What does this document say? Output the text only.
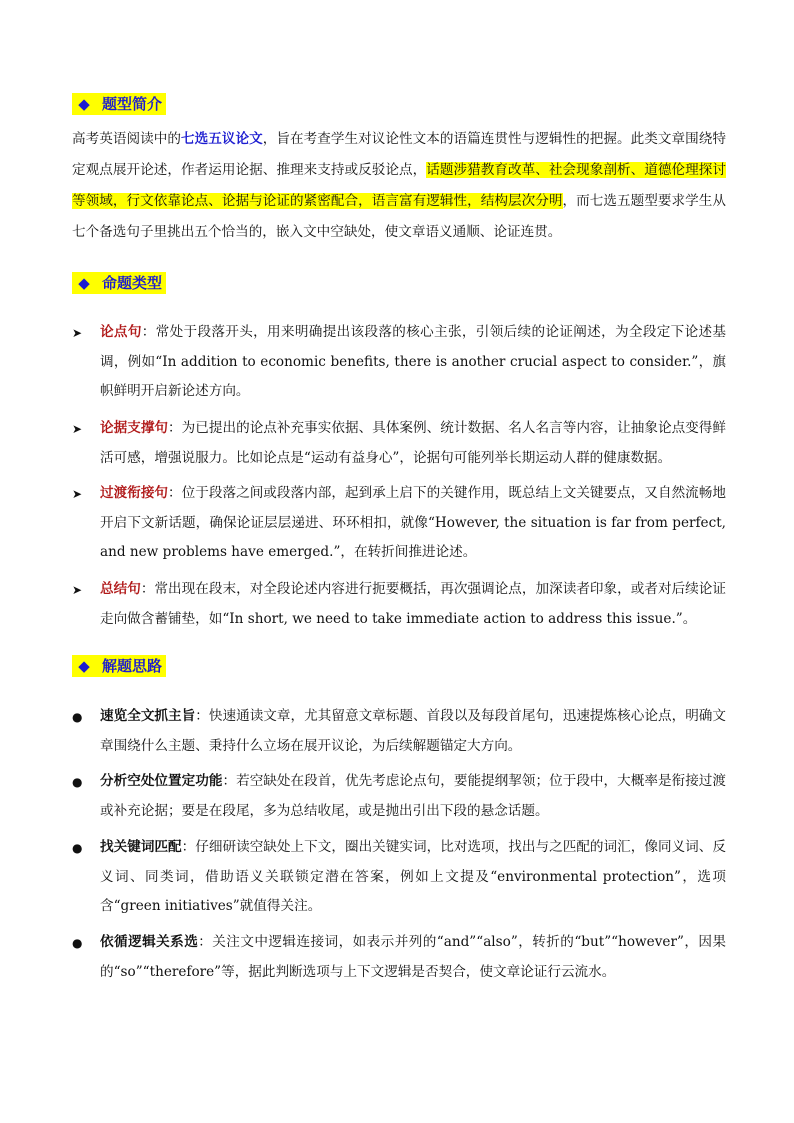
◆ 题型简介

高考英语阅读中的七选五议论文，旨在考查学生对议论性文本的语篇连贯性与逻辑性的把握。此类文章围绕特定观点展开论述，作者运用论据、推理来支持或反驳论点，话题涉猎教育改革、社会现象剖析、道德伦理探讨等领域，行文依靠论点、论据与论证的紧密配合，语言富有逻辑性，结构层次分明，而七选五题型要求学生从七个备选句子里挑出五个恰当的，嵌入文中空缺处，使文章语义通顺、论证连贯。

◆ 命题类型
➤	论点句：常处于段落开头，用来明确提出该段落的核心主张，引领后续的论证阐述，为全段定下论述基调，例如“In addition to economic benefits, there is another crucial aspect to consider.”，旗帜鲜明开启新论述方向。
➤	论据支撑句：为已提出的论点补充事实依据、具体案例、统计数据、名人名言等内容，让抽象论点变得鲜活可感，增强说服力。比如论点是“运动有益身心”，论据句可能列举长期运动人群的健康数据。
➤	过渡衔接句：位于段落之间或段落内部，起到承上启下的关键作用，既总结上文关键要点，又自然流畅地开启下文新话题，确保论证层层递进、环环相扣，就像“However, the situation is far from perfect, and new problems have emerged.”，在转折间推进论述。
➤	总结句：常出现在段末，对全段论述内容进行扼要概括，再次强调论点，加深读者印象，或者对后续论证走向做含蓄铺垫，如“In short, we need to take immediate action to address this issue.”。
◆ 解题思路
●	速览全文抓主旨：快速通读文章，尤其留意文章标题、首段以及每段首尾句，迅速提炼核心论点，明确文章围绕什么主题、秉持什么立场在展开议论，为后续解题锚定大方向。
●	分析空处位置定功能：若空缺处在段首，优先考虑论点句，要能提纲挈领；位于段中，大概率是衔接过渡或补充论据；要是在段尾，多为总结收尾，或是抛出引出下段的悬念话题。
●	找关键词匹配：仔细研读空缺处上下文，圈出关键实词，比对选项，找出与之匹配的词汇，像同义词、反义词、同类词，借助语义关联锁定潜在答案，例如上文提及“environmental protection”，选项含“green initiatives”就值得关注。
●	依循逻辑关系选：关注文中逻辑连接词，如表示并列的“and”“also”，转折的“but”“however”，因果的“so”“therefore”等，据此判断选项与上下文逻辑是否契合，使文章论证行云流水。
